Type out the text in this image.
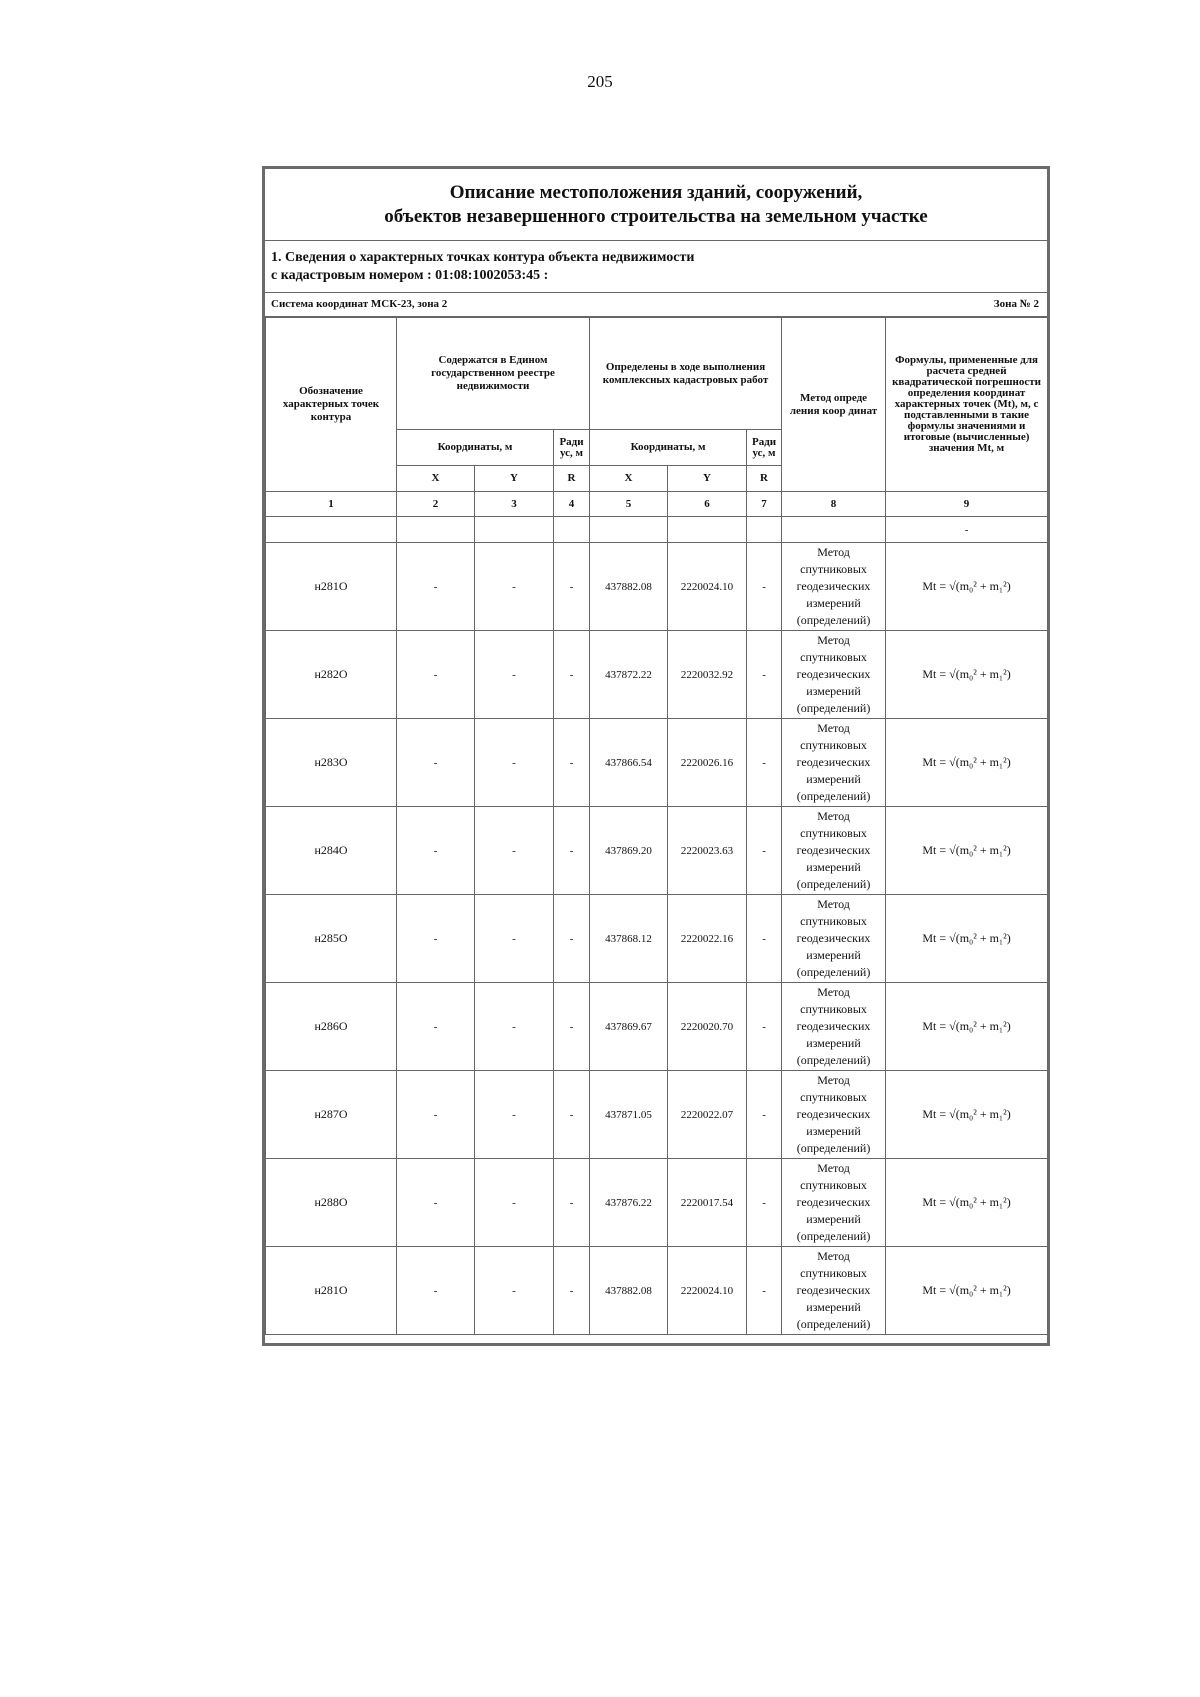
205
Описание местоположения зданий, сооружений,
объектов незавершенного строительства на земельном участке
1. Сведения о характерных точках контура объекта недвижимости
с кадастровым номером : 01:08:1002053:45 :
Система координат МСК-23, зона 2	Зона № 2
Обозначение характерных точек контура	Содержатся в Едином государственном реестре недвижимости			Определены в ходе выполнения комплексных кадастровых работ			Метод опреде ления коор динат	Формулы, примененные для расчета средней квадратической погрешности определения координат характерных точек (Mt), м, с подставленными в такие формулы значениями и итоговые (вычисленные) значения Mt, м
	Координаты, м		Ради ус, м	Координаты, м		Ради ус, м		
	X	Y	R	X	Y	R		
1	2	3	4	5	6	7	8	9
								-
н281О	-	-	-	437882.08	2220024.10	-	Метод спутниковых геодезических измерений (определений)	Mt = √(m₀² + m₁²)
н282О	-	-	-	437872.22	2220032.92	-	Метод спутниковых геодезических измерений (определений)	Mt = √(m₀² + m₁²)
н283О	-	-	-	437866.54	2220026.16	-	Метод спутниковых геодезических измерений (определений)	Mt = √(m₀² + m₁²)
н284О	-	-	-	437869.20	2220023.63	-	Метод спутниковых геодезических измерений (определений)	Mt = √(m₀² + m₁²)
н285О	-	-	-	437868.12	2220022.16	-	Метод спутниковых геодезических измерений (определений)	Mt = √(m₀² + m₁²)
н286О	-	-	-	437869.67	2220020.70	-	Метод спутниковых геодезических измерений (определений)	Mt = √(m₀² + m₁²)
н287О	-	-	-	437871.05	2220022.07	-	Метод спутниковых геодезических измерений (определений)	Mt = √(m₀² + m₁²)
н288О	-	-	-	437876.22	2220017.54	-	Метод спутниковых геодезических измерений (определений)	Mt = √(m₀² + m₁²)
н281О	-	-	-	437882.08	2220024.10	-	Метод спутниковых геодезических измерений (определений)	Mt = √(m₀² + m₁²)
